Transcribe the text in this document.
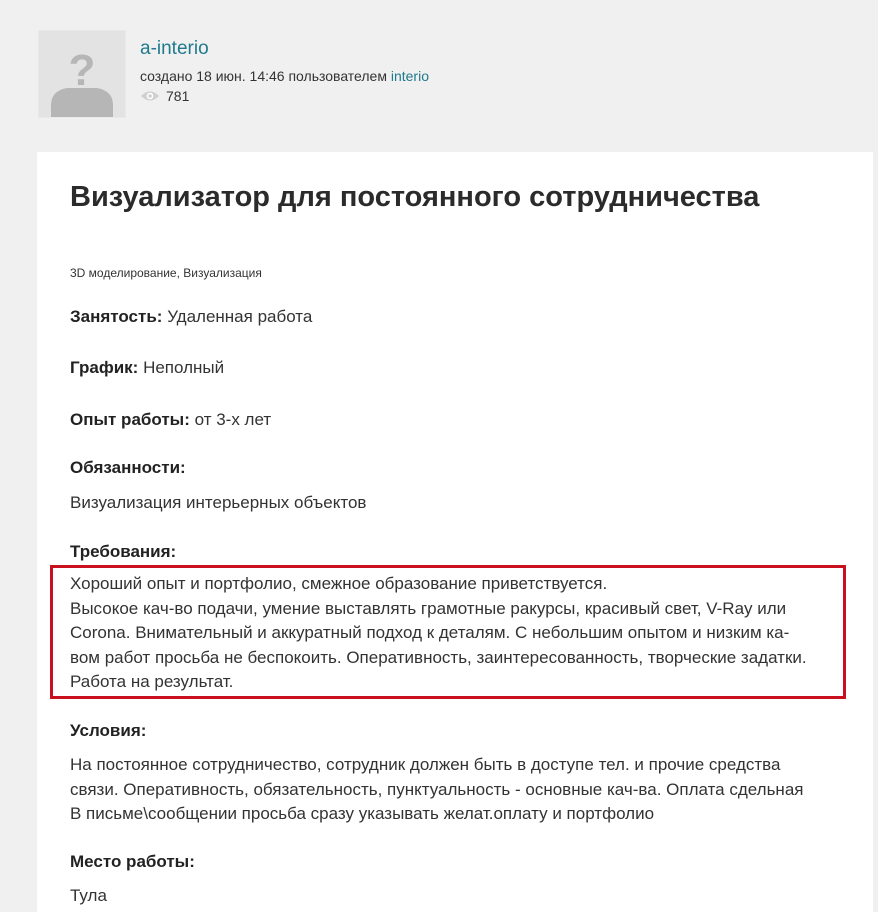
? a-interio
создано 18 июн. 14:46 пользователем interio
781
Визуализатор для постоянного сотрудничества
3D моделирование, Визуализация
Занятость: Удаленная работа
График: Неполный
Опыт работы: от 3-х лет
Обязанности:
Визуализация интерьерных объектов
Требования:
Хороший опыт и портфолио, смежное образование приветствуется.
Высокое кач-во подачи, умение выставлять грамотные ракурсы, красивый свет, V-Ray или
Corona. Внимательный и аккуратный подход к деталям. С небольшим опытом и низким ка-
вом работ просьба не беспокоить. Оперативность, заинтересованность, творческие задатки.
Работа на результат.
Условия:
На постоянное сотрудничество, сотрудник должен быть в доступе тел. и прочие средства
связи. Оперативность, обязательность, пунктуальность - основные кач-ва. Оплата сдельная
В письме\сообщении просьба сразу указывать желат.оплату и портфолио
Место работы:
Тула
